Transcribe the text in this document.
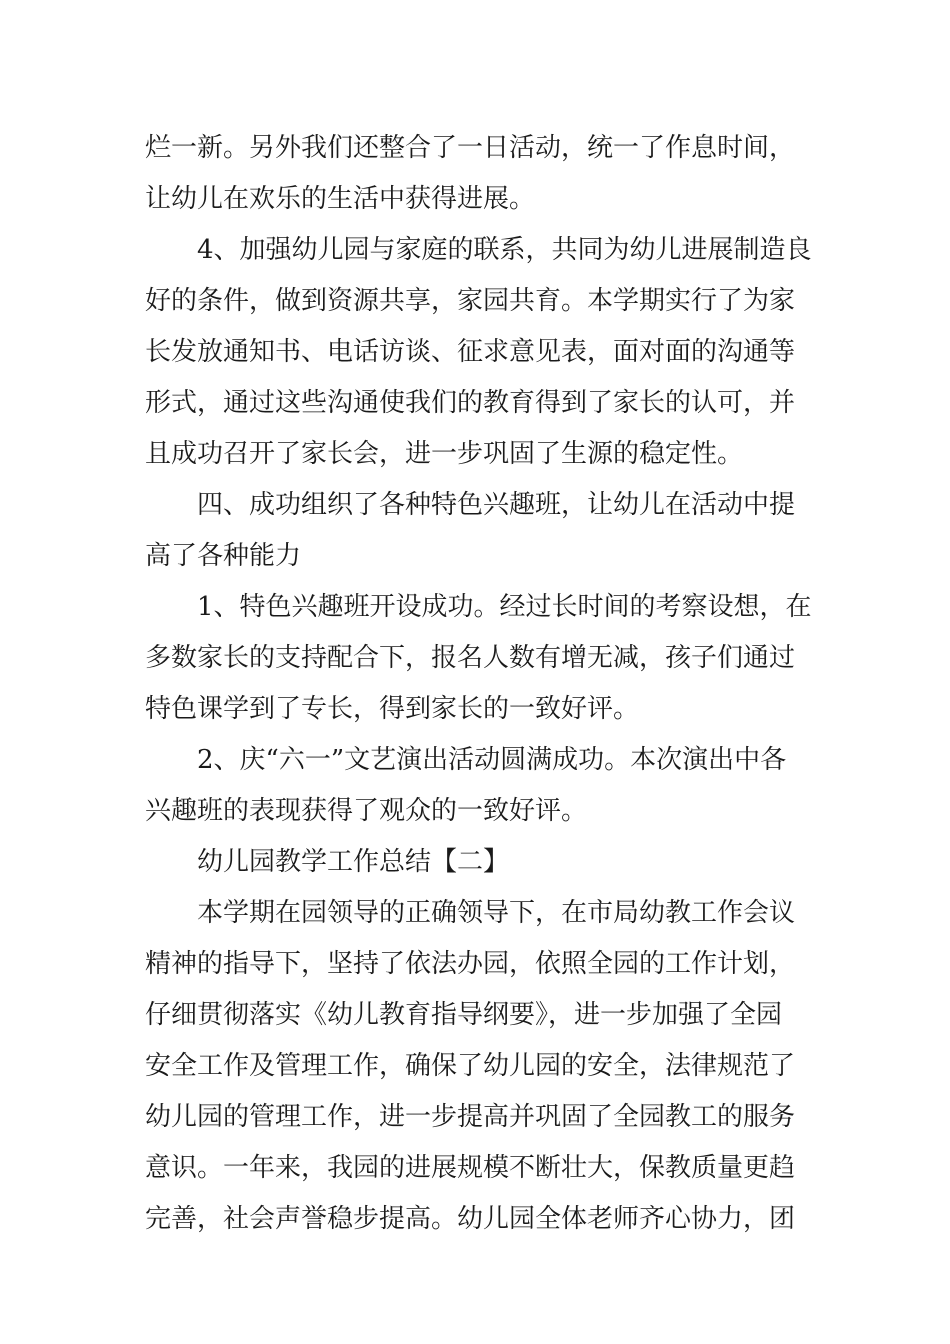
烂一新。另外我们还整合了一日活动，统一了作息时间，
让幼儿在欢乐的生活中获得进展。
4、加强幼儿园与家庭的联系，共同为幼儿进展制造良
好的条件，做到资源共享，家园共育。本学期实行了为家
长发放通知书、电话访谈、征求意见表，面对面的沟通等
形式，通过这些沟通使我们的教育得到了家长的认可，并
且成功召开了家长会，进一步巩固了生源的稳定性。
四、成功组织了各种特色兴趣班，让幼儿在活动中提
高了各种能力
1、特色兴趣班开设成功。经过长时间的考察设想，在
多数家长的支持配合下，报名人数有增无减，孩子们通过
特色课学到了专长，得到家长的一致好评。
2、庆“六一”文艺演出活动圆满成功。本次演出中各
兴趣班的表现获得了观众的一致好评。
幼儿园教学工作总结【二】
本学期在园领导的正确领导下，在市局幼教工作会议
精神的指导下，坚持了依法办园，依照全园的工作计划，
仔细贯彻落实《幼儿教育指导纲要》，进一步加强了全园
安全工作及管理工作，确保了幼儿园的安全，法律规范了
幼儿园的管理工作，进一步提高并巩固了全园教工的服务
意识。一年来，我园的进展规模不断壮大，保教质量更趋
完善，社会声誉稳步提高。幼儿园全体老师齐心协力，团
